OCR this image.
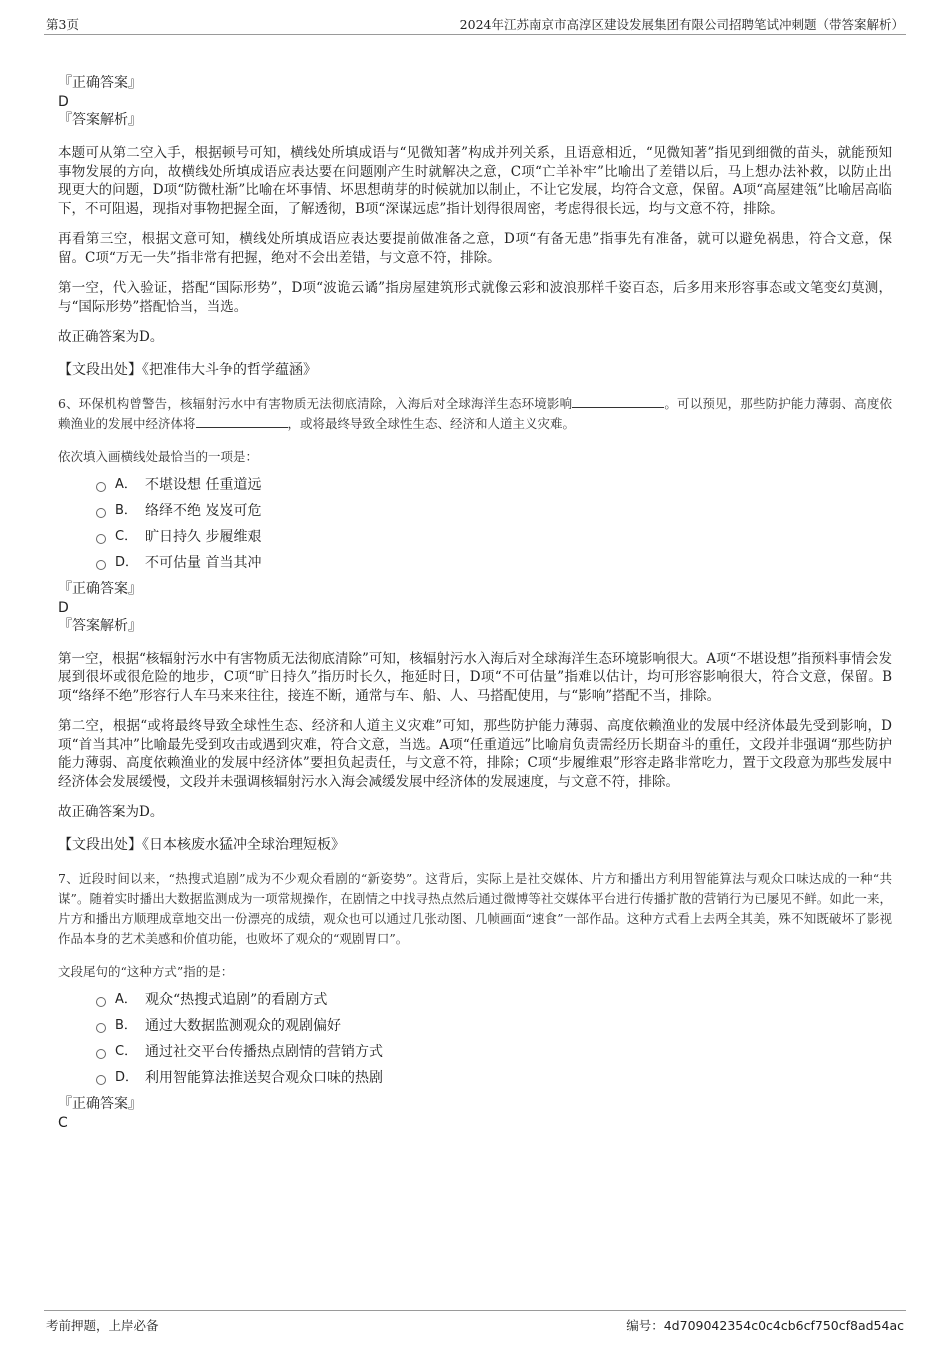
第3页	2024年江苏南京市高淳区建设发展集团有限公司招聘笔试冲刺题（带答案解析）
『正确答案』
D
『答案解析』
本题可从第二空入手，根据顿号可知，横线处所填成语与“见微知著”构成并列关系，且语意相近，“见微知著”指见到细微的苗头，就能预知事物发展的方向，故横线处所填成语应表达要在问题刚产生时就解决之意，C项“亡羊补牢”比喻出了差错以后，马上想办法补救，以防止出现更大的问题，D项“防微杜渐”比喻在坏事情、坏思想萌芽的时候就加以制止，不让它发展，均符合文意，保留。A项“高屋建瓴”比喻居高临下，不可阻遏，现指对事物把握全面，了解透彻，B项“深谋远虑”指计划得很周密，考虑得很长远，均与文意不符，排除。
再看第三空，根据文意可知，横线处所填成语应表达要提前做准备之意，D项“有备无患”指事先有准备，就可以避免祸患，符合文意，保留。C项“万无一失”指非常有把握，绝对不会出差错，与文意不符，排除。
第一空，代入验证，搭配“国际形势”，D项“波诡云谲”指房屋建筑形式就像云彩和波浪那样千姿百态，后多用来形容事态或文笔变幻莫测，与“国际形势”搭配恰当，当选。
故正确答案为D。
【文段出处】《把准伟大斗争的哲学蕴涵》
6、环保机构曾警告，核辐射污水中有害物质无法彻底清除，入海后对全球海洋生态环境影响	。可以预见，那些防护能力薄弱、高度依赖渔业的发展中经济体将	，或将最终导致全球性生态、经济和人道主义灾难。
依次填入画横线处最恰当的一项是：
A． 不堪设想 任重道远
B． 络绎不绝 岌岌可危
C． 旷日持久 步履维艰
D． 不可估量 首当其冲
『正确答案』
D
『答案解析』
第一空，根据“核辐射污水中有害物质无法彻底清除”可知，核辐射污水入海后对全球海洋生态环境影响很大。A项“不堪设想”指预料事情会发展到很坏或很危险的地步，C项“旷日持久”指历时长久，拖延时日，D项“不可估量”指难以估计，均可形容影响很大，符合文意，保留。B项“络绎不绝”形容行人车马来来往往，接连不断，通常与车、船、人、马搭配使用，与“影响”搭配不当，排除。
第二空，根据“或将最终导致全球性生态、经济和人道主义灾难”可知，那些防护能力薄弱、高度依赖渔业的发展中经济体最先受到影响，D项“首当其冲”比喻最先受到攻击或遇到灾难，符合文意，当选。A项“任重道远”比喻肩负责需经历长期奋斗的重任，文段并非强调“那些防护能力薄弱、高度依赖渔业的发展中经济体”要担负起责任，与文意不符，排除；C项“步履维艰”形容走路非常吃力，置于文段意为那些发展中经济体会发展缓慢，文段并未强调核辐射污水入海会减缓发展中经济体的发展速度，与文意不符，排除。
故正确答案为D。
【文段出处】《日本核废水猛冲全球治理短板》
7、近段时间以来，“热搜式追剧”成为不少观众看剧的“新姿势”。这背后，实际上是社交媒体、片方和播出方利用智能算法与观众口味达成的一种“共谋”。随着实时播出大数据监测成为一项常规操作，在剧情之中找寻热点然后通过微博等社交媒体平台进行传播扩散的营销行为已屡见不鲜。如此一来，片方和播出方顺理成章地交出一份漂亮的成绩，观众也可以通过几张动图、几帧画面“速食”一部作品。这种方式看上去两全其美，殊不知既破坏了影视作品本身的艺术美感和价值功能，也败坏了观众的“观剧胃口”。
文段尾句的“这种方式”指的是：
A． 观众“热搜式追剧”的看剧方式
B． 通过大数据监测观众的观剧偏好
C． 通过社交平台传播热点剧情的营销方式
D． 利用智能算法推送契合观众口味的热剧
『正确答案』
C
考前押题，上岸必备	编号：4d709042354c0c4cb6cf750cf8ad54ac
